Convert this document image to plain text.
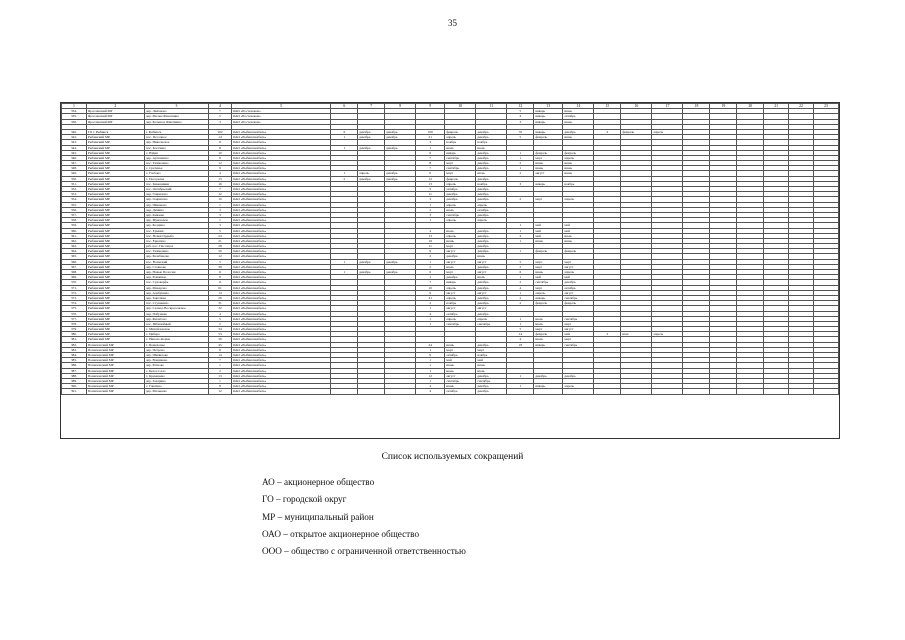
35
1	2	3	4	5	6	7	8	9	10	11	12	13	14	15	16	17	18	19	20	21	22	23
334.	Ярославский МР	дер. Лиханово	7	ОАО «Ростелеком»							5	январь	июнь									
335.	Ярославский МР	дер. Малые Фиалшино	5	ОАО «Ростелеком»							4	январь	октябрь									
336.	Ярославский МР	дер. Большое Фиалшино	3	ОАО «Ростелеком»							3	январь	июнь									

340.	ГО г. Рыбинск	г. Рыбинск	162	ОАО «Рыбинсккабель»	6	декабрь	декабрь	106	февраль	декабрь	76	январь	декабрь	4	февраль	апрель						
342.	Рыбинский МР	пос. Песочное	14	ОАО «Рыбинсккабель»	1	декабрь	декабрь	21	апрель	декабрь	5	февраль	июнь									
343.	Рыбинский МР	дер. Никольское	11	ОАО «Рыбинсккабель»				3	ноябрь	ноябрь												
344.	Рыбинский МР	пос. Костяево	8	ОАО «Рыбинсккабель»	1	декабрь	декабрь	1	июль	июль												
345.	Рыбинский МР	с. Юдин	10	ОАО «Рыбинсккабель»				6	январь	декабрь	1	февраль	февраль									
346.	Рыбинский МР	дер. Артюшино	9	ОАО «Рыбинсккабель»				7	сентябрь	декабрь	1	март	апрель									
347.	Рыбинский МР	пос. Тихменево	12	ОАО «Рыбинсккабель»				8	март	декабрь	2	июнь	июнь									
348.	Рыбинский МР	с. Сретенье	9	ОАО «Рыбинсккабель»				7	сентябрь	декабрь	1	июнь	июнь									
349.	Рыбинский МР	с. Глебово	4	ОАО «Рыбинсккабель»	1	апрель	декабрь	0	март	июль	2	август	июнь									
350.	Рыбинский МР	с. Погорелка	13	ОАО «Рыбинсккабель»	2	декабрь	декабрь	12	февраль	декабрь												
351.	Рыбинский МР	пос. Каменники	16	ОАО «Рыбинсккабель»				13	апрель	ноябрь	3	январь	ноябрь									
352.	Рыбинский МР	пос. Октябрьский	7	ОАО «Рыбинсккабель»				5	октябрь	декабрь												
353.	Рыбинский МР	дер. Гаврилово	12	ОАО «Рыбинсккабель»				11	декабрь	декабрь												
354.	Рыбинский МР	дер. Генрихово	10	ОАО «Рыбинсккабель»				3	декабрь	декабрь	2	март	апрель									
355.	Рыбинский МР	дер. Шашково	1	ОАО «Рыбинсккабель»				1	апрель	апрель												
356.	Рыбинский МР	дер. Демино	3	ОАО «Рыбинсккабель»				2	июль	октябрь												
357.	Рыбинский МР	дер. Князево	3	ОАО «Рыбинсккабель»				3	сентябрь	декабрь												
358.	Рыбинский МР	дер. Жуковское	1	ОАО «Рыбинсккабель»				1	апрель	апрель												
359.	Рыбинский МР	дер. Болдино	3	ОАО «Рыбинсккабель»							1	май	май									
360.	Рыбинский МР	пос. Ермаки	5	ОАО «Рыбинсккабель»				4	июль	декабрь	1	май	май									
361.	Рыбинский МР	пос. Новая Ордыба	24	ОАО «Рыбинсккабель»				13	апрель	декабрь	4	май	июль									
362.	Рыбинский МР	пос. Ерюгино	21	ОАО «Рыбинсккабель»				19	июнь	декабрь	1	июнь	июнь									
363.	Рыбинский МР	раб. пос. Песочное	28	ОАО «Рыбинсккабель»				11	март	декабрь												
364.	Рыбинский МР	пос. Тихменево	30	ОАО «Рыбинсккабель»				9	август	декабрь	1	февраль	февраль									
365.	Рыбинский МР	дер. Балабаново	12	ОАО «Рыбинсккабель»				2	декабрь	июнь												
366.	Рыбинский МР	пос. Волжский	5	ОАО «Рыбинсккабель»	1	декабрь	декабрь	1	август	август	5	март	март									
367.	Рыбинский МР	дер. Стояново	39	ОАО «Рыбинсккабель»				2	июль	декабрь	2	март	август									
368.	Рыбинский МР	дер. Новые Полоски	11	ОАО «Рыбинсккабель»	1	декабрь	декабрь	6	март	август	6	июнь	апрель									
369.	Рыбинский МР	дер. Ромашки	8	ОАО «Рыбинсккабель»				1	декабрь	июль	1	май	май									
370.	Рыбинский МР	пос. Судоверфь	11	ОАО «Рыбинсккабель»				7	январь	декабрь	2	сентябрь	декабрь									
371.	Рыбинский МР	дер. Макарово	61	ОАО «Рыбинсккабель»				10	апрель	декабрь	4	март	октябрь									
372.	Рыбинский МР	дер. Алабушево	14	ОАО «Рыбинсккабель»				9	август	август	1	апрель	август									
373.	Рыбинский МР	дер. Заволжье	26	ОАО «Рыбинсккабель»				21	апрель	декабрь	2	январь	сентябрь									
374.	Рыбинский МР	пос. Ступанино	31	ОАО «Рыбинсккабель»				2	ноябрь	декабрь	2	февраль	февраль									
375.	Рыбинский МР	дер. Сельцо-Воскресенское	32	ОАО «Рыбинсккабель»				1	август	август												
376.	Рыбинский МР	дер. Пабушево	4	ОАО «Рыбинсккабель»				4	октябрь	декабрь												
377.	Рыбинский МР	дер. Филатово	5	ОАО «Рыбинсккабель»				1	апрель	апрель	1	июль	сентябрь									
378.	Рыбинский МР	пос. Юбилейный	2	ОАО «Рыбинсккабель»				1	сентябрь	сентябрь	1	июль	март									
379.	Рыбинский МР	с. Михайловское	34	ОАО «Рыбинсккабель»							5	март	август									
380.	Рыбинский МР	с. Циберо	53	ОАО «Рыбинсккабель»							14	февраль	май	3	июн	апрель						
381.	Рыбинский МР	с. Николо-Корма	36	ОАО «Рыбинсккабель»							4	июль	март									
382.	Пошехонский МР	г. Пошехонье	45	ОАО «Рыбинсккабель»				24	июнь	декабрь	18	январь	сентябрь									
383.	Пошехонский МР	дер. Петрово	8	ОАО «Рыбинсккабель»				1	март	март												
384.	Пошехонский МР	дер. Шипилово	14	ОАО «Рыбинсккабель»				9	октябрь	ноябрь												
385.	Пошехонский МР	дер. Вощиково	7	ОАО «Рыбинсккабель»				1	май	май												
386.	Пошехонский МР	дер. Ратново	1	ОАО «Рыбинсккабель»				1	июнь	июнь												
387.	Пошехонский МР	с. Белое Село	2	ОАО «Рыбинсккабель»				1	июль	июль												
388.	Пошехонский МР	с. Кременево	13	ОАО «Рыбинсккабель»				12	август	декабрь	1	декабрь	декабрь									
389.	Пошехонский МР	дер. Захарино	1	ОАО «Рыбинсккабель»				1	сентябрь	сентябрь												
390.	Пошехонский МР	с. Гаютино	8	ОАО «Рыбинсккабель»				4	июнь	декабрь	1	январь	апрель									
391.	Пошехонский МР	дер. Мальцево	12	ОАО «Рыбинсккабель»				4	октябрь	декабрь												
Список используемых сокращений
АО – акционерное общество
ГО – городской округ
МР – муниципальный район
ОАО – открытое акционерное общество
ООО – общество с ограниченной ответственностью
